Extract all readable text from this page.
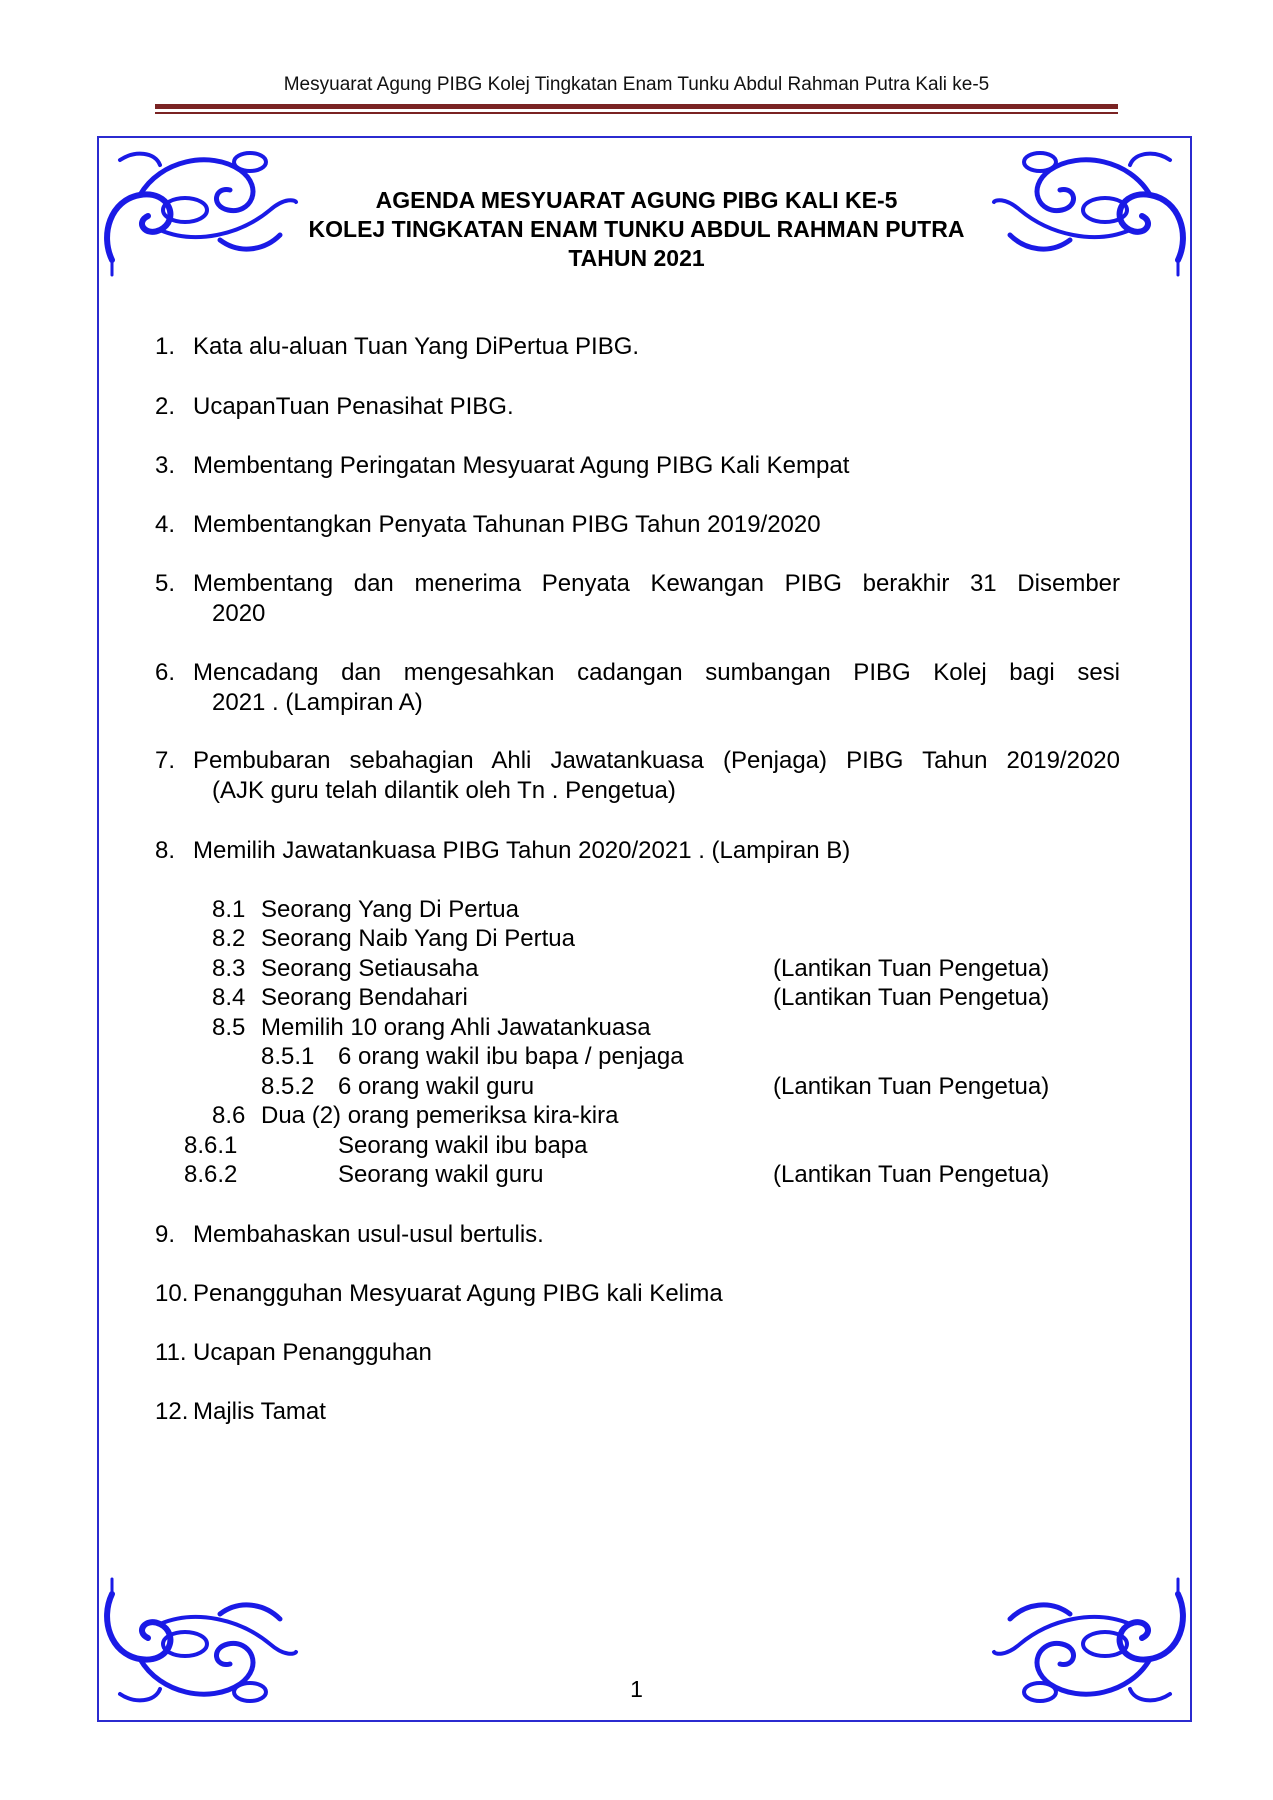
Mesyuarat Agung PIBG Kolej Tingkatan Enam Tunku Abdul Rahman Putra Kali ke-5
AGENDA MESYUARAT AGUNG PIBG KALI KE-5
KOLEJ TINGKATAN ENAM TUNKU ABDUL RAHMAN PUTRA
TAHUN 2021
1. Kata alu-aluan Tuan Yang DiPertua PIBG.
2. UcapanTuan Penasihat PIBG.
3. Membentang Peringatan Mesyuarat Agung PIBG Kali Kempat
4. Membentangkan Penyata Tahunan PIBG Tahun 2019/2020
5. Membentang dan menerima Penyata Kewangan PIBG berakhir 31 Disember
2020
6. Mencadang dan mengesahkan cadangan sumbangan PIBG Kolej bagi sesi
2021 . (Lampiran A)
7. Pembubaran sebahagian Ahli Jawatankuasa (Penjaga) PIBG Tahun 2019/2020
(AJK guru telah dilantik oleh Tn . Pengetua)
8. Memilih Jawatankuasa PIBG Tahun 2020/2021 . (Lampiran B)
8.1 Seorang Yang Di Pertua
8.2 Seorang Naib Yang Di Pertua
8.3 Seorang Setiausaha	(Lantikan Tuan Pengetua)
8.4 Seorang Bendahari	(Lantikan Tuan Pengetua)
8.5 Memilih 10 orang Ahli Jawatankuasa
8.5.1 6 orang wakil ibu bapa / penjaga
8.5.2 6 orang wakil guru	(Lantikan Tuan Pengetua)
8.6 Dua (2) orang pemeriksa kira-kira
8.6.1	Seorang wakil ibu bapa
8.6.2	Seorang wakil guru	(Lantikan Tuan Pengetua)
9. Membahaskan usul-usul bertulis.
10. Penangguhan Mesyuarat Agung PIBG kali Kelima
11. Ucapan Penangguhan
12. Majlis Tamat
1
